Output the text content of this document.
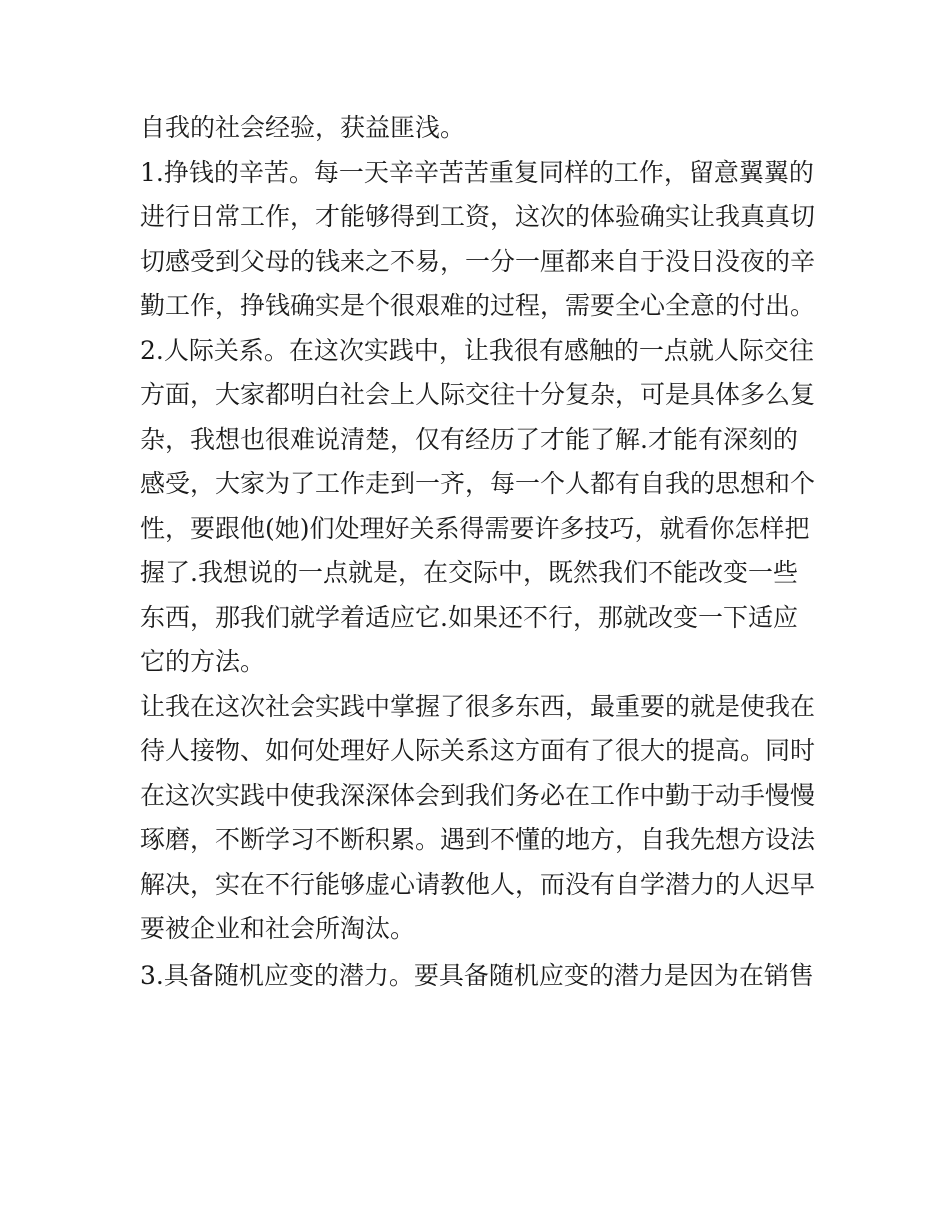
自我的社会经验，获益匪浅。
1.挣钱的辛苦。每一天辛辛苦苦重复同样的工作，留意翼翼的
进行日常工作，才能够得到工资，这次的体验确实让我真真切
切感受到父母的钱来之不易，一分一厘都来自于没日没夜的辛
勤工作，挣钱确实是个很艰难的过程，需要全心全意的付出。
2.人际关系。在这次实践中，让我很有感触的一点就人际交往
方面，大家都明白社会上人际交往十分复杂，可是具体多么复
杂，我想也很难说清楚，仅有经历了才能了解.才能有深刻的
感受，大家为了工作走到一齐，每一个人都有自我的思想和个
性，要跟他(她)们处理好关系得需要许多技巧，就看你怎样把
握了.我想说的一点就是，在交际中，既然我们不能改变一些
东西，那我们就学着适应它.如果还不行，那就改变一下适应
它的方法。
让我在这次社会实践中掌握了很多东西，最重要的就是使我在
待人接物、如何处理好人际关系这方面有了很大的提高。同时
在这次实践中使我深深体会到我们务必在工作中勤于动手慢慢
琢磨，不断学习不断积累。遇到不懂的地方，自我先想方设法
解决，实在不行能够虚心请教他人，而没有自学潜力的人迟早
要被企业和社会所淘汰。
3.具备随机应变的潜力。要具备随机应变的潜力是因为在销售
